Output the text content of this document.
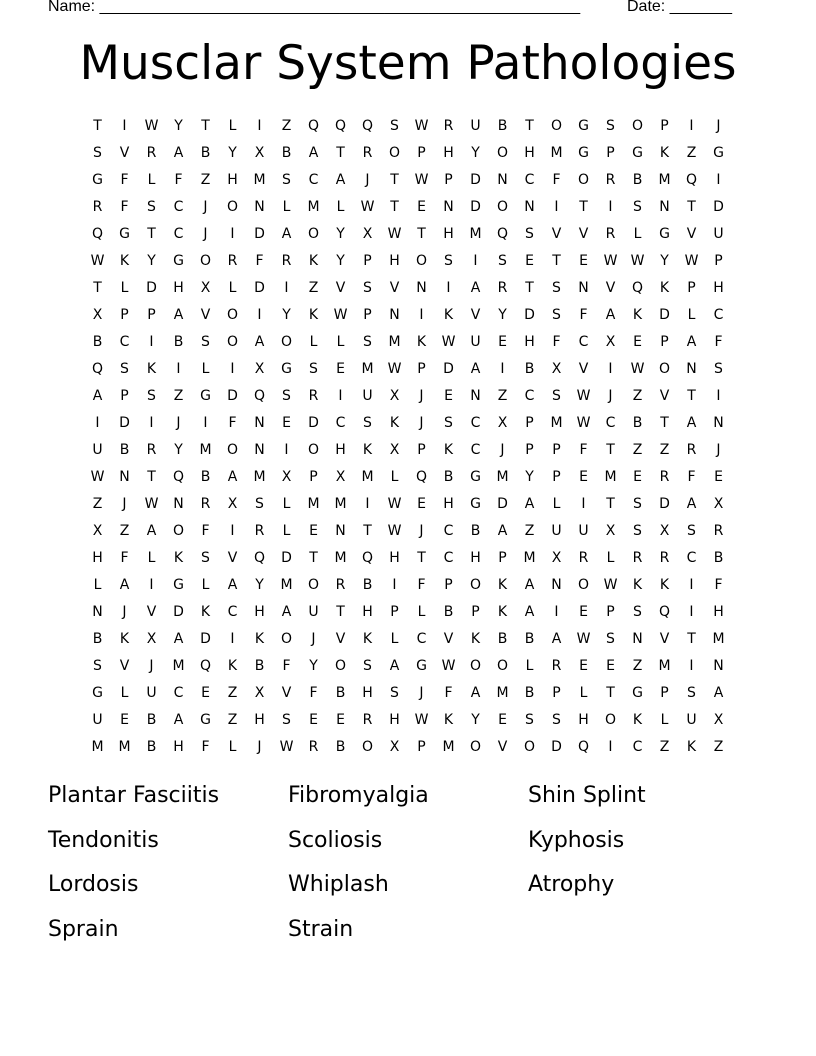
Name: ______________________________________________________	Date: _______
Musclar System Pathologies
T	I	W	Y	T	L	I	Z	Q	Q	Q	S	W	R	U	B	T	O	G	S	O	P	I	J
S	V	R	A	B	Y	X	B	A	T	R	O	P	H	Y	O	H	M	G	P	G	K	Z	G
G	F	L	F	Z	H	M	S	C	A	J	T	W	P	D	N	C	F	O	R	B	M	Q	I
R	F	S	C	J	O	N	L	M	L	W	T	E	N	D	O	N	I	T	I	S	N	T	D
Q	G	T	C	J	I	D	A	O	Y	X	W	T	H	M	Q	S	V	V	R	L	G	V	U
W	K	Y	G	O	R	F	R	K	Y	P	H	O	S	I	S	E	T	E	W W	Y	W	P
T	L	D	H	X	L	D	I	Z	V	S	V	N	I	A	R	T	S	N	V	Q	K	P	H
X	P	P	A	V	O	I	Y	K	W	P	N	I	K	V	Y	D	S	F	A	K	D	L	C
B	C	I	B	S	O	A	O	L	L	S	M	K	W	U	E	H	F	C	X	E	P	A	F
Q	S	K	I	L	I	X	G	S	E	M	W	P	D	A	I	B	X	V	I	W	O	N	S
A	P	S	Z	G	D	Q	S	R	I	U	X	J	E	N	Z	C	S	W	J	Z	V	T	I
I	D	I	J	I	F	N	E	D	C	S	K	J	S	C	X	P	M	W	C	B	T	A	N
U	B	R	Y	M	O	N	I	O	H	K	X	P	K	C	J	P	P	F	T	Z	Z	R	J
W	N	T	Q	B	A	M	X	P	X	M	L	Q	B	G	M	Y	P	E	M	E	R	F	E
Z	J	W	N	R	X	S	L	M	M	I	W	E	H	G	D	A	L	I	T	S	D	A	X
X	Z	A	O	F	I	R	L	E	N	T	W	J	C	B	A	Z	U	U	X	S	X	S	R
H	F	L	K	S	V	Q	D	T	M	Q	H	T	C	H	P	M	X	R	L	R	R	C	B
L	A	I	G	L	A	Y	M	O	R	B	I	F	P	O	K	A	N	O	W	K	K	I	F
N	J	V	D	K	C	H	A	U	T	H	P	L	B	P	K	A	I	E	P	S	Q	I	H
B	K	X	A	D	I	K	O	J	V	K	L	C	V	K	B	B	A	W	S	N	V	T	M
S	V	J	M	Q	K	B	F	Y	O	S	A	G	W	O	O	L	R	E	E	Z	M	I	N
G	L	U	C	E	Z	X	V	F	B	H	S	J	F	A	M	B	P	L	T	G	P	S	A
U	E	B	A	G	Z	H	S	E	E	R	H	W	K	Y	E	S	S	H	O	K	L	U	X
M	M	B	H	F	L	J	W	R	B	O	X	P	M	O	V	O	D	Q	I	C	Z	K	Z
Plantar Fasciitis	Fibromyalgia	Shin Splint
Tendonitis	Scoliosis	Kyphosis
Lordosis	Whiplash	Atrophy
Sprain	Strain
